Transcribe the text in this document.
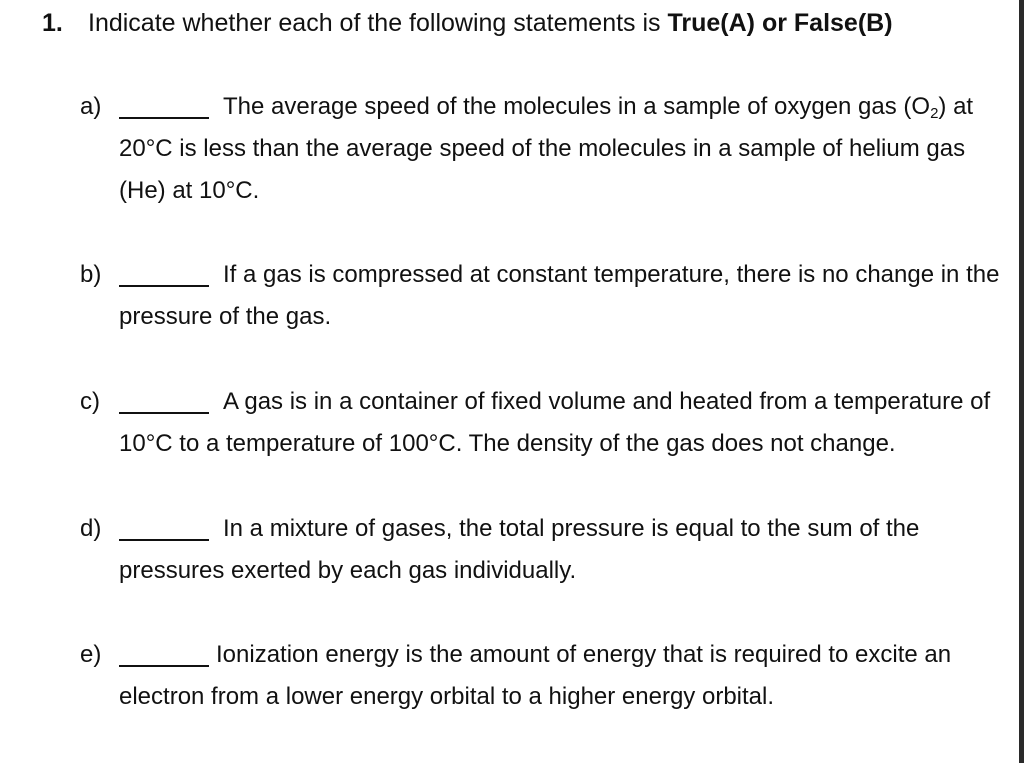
1. Indicate whether each of the following statements is True(A) or False(B)
a)	The average speed of the molecules in a sample of oxygen gas $(O_2)$ at 20°C is less than the average speed of the molecules in a sample of helium gas (He) at 10°C.
b)	If a gas is compressed at constant temperature, there is no change in the pressure of the gas.
c)	A gas is in a container of fixed volume and heated from a temperature of 10°C to a temperature of 100°C. The density of the gas does not change.
d)	In a mixture of gases, the total pressure is equal to the sum of the pressures exerted by each gas individually.
e)	Ionization energy is the amount of energy that is required to excite an electron from a lower energy orbital to a higher energy orbital.
